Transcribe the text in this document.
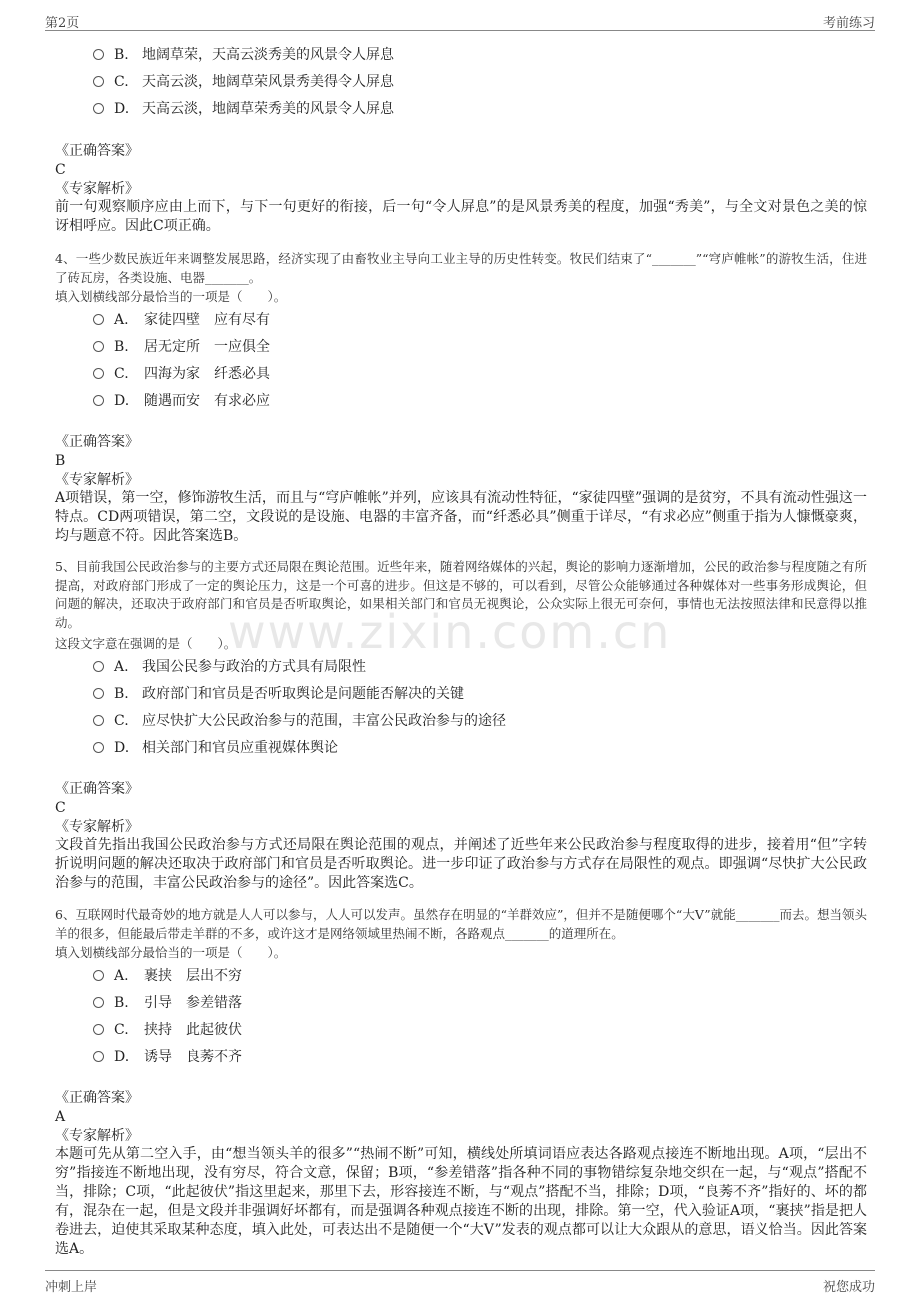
第2页	考前练习
www.zixin.com.cn
B. 地阔草荣，天高云淡秀美的风景令人屏息
C. 天高云淡，地阔草荣风景秀美得令人屏息
D. 天高云淡，地阔草荣秀美的风景令人屏息
《正确答案》
C
《专家解析》
前一句观察顺序应由上而下，与下一句更好的衔接，后一句“令人屏息”的是风景秀美的程度，加强“秀美”，与全文对景色之美的惊讶相呼应。因此C项正确。
4、一些少数民族近年来调整发展思路，经济实现了由畜牧业主导向工业主导的历史性转变。牧民们结束了“_______”“穹庐帷帐”的游牧生活，住进了砖瓦房，各类设施、电器_______。
填入划横线部分最恰当的一项是（　　）。
A. 家徒四壁 应有尽有
B. 居无定所 一应俱全
C. 四海为家 纤悉必具
D. 随遇而安 有求必应
《正确答案》
B
《专家解析》
A项错误，第一空，修饰游牧生活，而且与“穹庐帷帐”并列，应该具有流动性特征，“家徒四壁”强调的是贫穷，不具有流动性强这一特点。CD两项错误，第二空，文段说的是设施、电器的丰富齐备，而“纤悉必具”侧重于详尽，“有求必应”侧重于指为人慷慨豪爽，均与题意不符。因此答案选B。
5、目前我国公民政治参与的主要方式还局限在舆论范围。近些年来，随着网络媒体的兴起，舆论的影响力逐渐增加，公民的政治参与程度随之有所提高，对政府部门形成了一定的舆论压力，这是一个可喜的进步。但这是不够的，可以看到，尽管公众能够通过各种媒体对一些事务形成舆论，但问题的解决，还取决于政府部门和官员是否听取舆论，如果相关部门和官员无视舆论，公众实际上很无可奈何，事情也无法按照法律和民意得以推动。
这段文字意在强调的是（　　）。
A. 我国公民参与政治的方式具有局限性
B. 政府部门和官员是否听取舆论是问题能否解决的关键
C. 应尽快扩大公民政治参与的范围，丰富公民政治参与的途径
D. 相关部门和官员应重视媒体舆论
《正确答案》
C
《专家解析》
文段首先指出我国公民政治参与方式还局限在舆论范围的观点，并阐述了近些年来公民政治参与程度取得的进步，接着用“但”字转折说明问题的解决还取决于政府部门和官员是否听取舆论。进一步印证了政治参与方式存在局限性的观点。即强调“尽快扩大公民政治参与的范围，丰富公民政治参与的途径”。因此答案选C。
6、互联网时代最奇妙的地方就是人人可以参与，人人可以发声。虽然存在明显的“羊群效应”，但并不是随便哪个“大V”就能_______而去。想当领头羊的很多，但能最后带走羊群的不多，或许这才是网络领域里热闹不断，各路观点_______的道理所在。
填入划横线部分最恰当的一项是（　　）。
A. 裹挟 层出不穷
B. 引导 参差错落
C. 挟持 此起彼伏
D. 诱导 良莠不齐
《正确答案》
A
《专家解析》
本题可先从第二空入手，由“想当领头羊的很多”“热闹不断”可知，横线处所填词语应表达各路观点接连不断地出现。A项，“层出不穷”指接连不断地出现，没有穷尽，符合文意，保留；B项，“参差错落”指各种不同的事物错综复杂地交织在一起，与“观点”搭配不当，排除；C项，“此起彼伏”指这里起来，那里下去，形容接连不断，与“观点”搭配不当，排除；D项，“良莠不齐”指好的、坏的都有，混杂在一起，但是文段并非强调好坏都有，而是强调各种观点接连不断的出现，排除。第一空，代入验证A项，“裹挟”指是把人卷进去，迫使其采取某种态度，填入此处，可表达出不是随便一个“大V”发表的观点都可以让大众跟从的意思，语义恰当。因此答案选A。
冲刺上岸	祝您成功
